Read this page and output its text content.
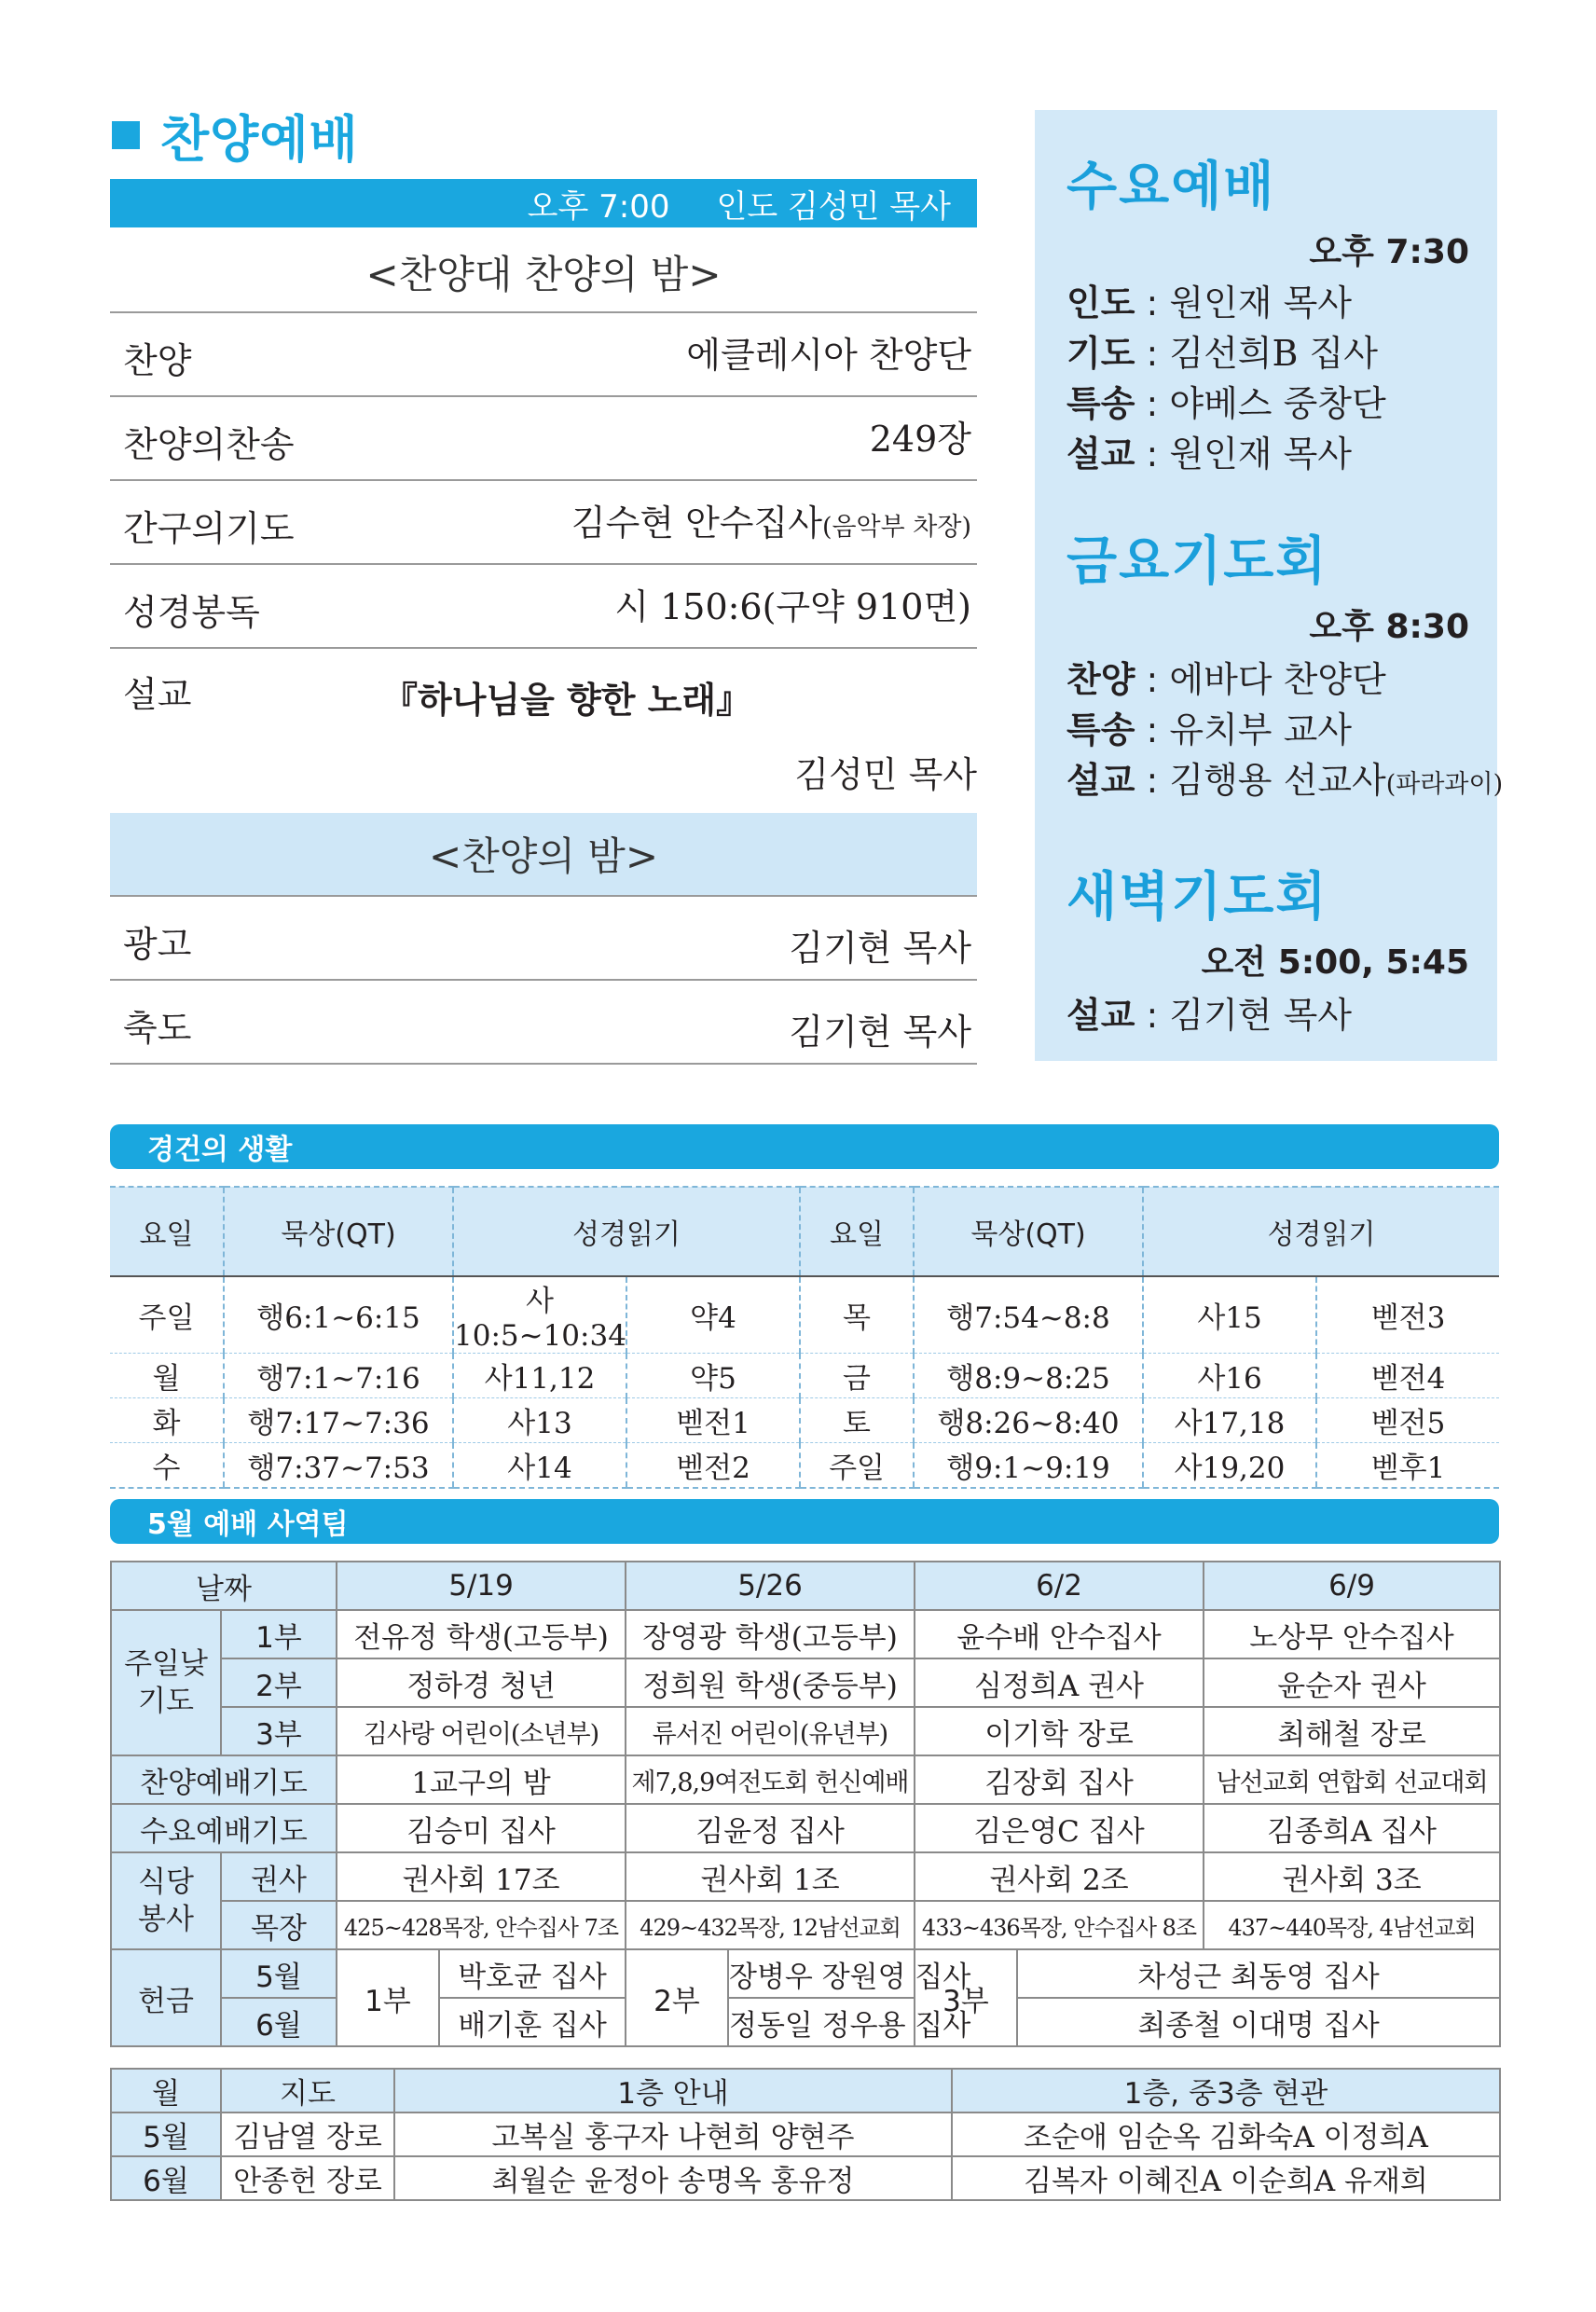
찬양예배
오후 7:00 인도 김성민 목사
<찬양대 찬양의 밤>
찬양	에클레시아 찬양단
찬양의찬송	249장
간구의기도	김수현 안수집사(음악부 차장)
성경봉독	시 150:6(구약 910면)
설교	『하나님을 향한 노래』
김성민 목사
<찬양의 밤>
광고	김기현 목사
축도	김기현 목사
수요예배
오후 7:30
인도 : 원인재 목사
기도 : 김선희B 집사
특송 : 야베스 중창단
설교 : 원인재 목사
금요기도회
오후 8:30
찬양 : 에바다 찬양단
특송 : 유치부 교사
설교 : 김행용 선교사(파라과이)
새벽기도회
오전 5:00, 5:45
설교 : 김기현 목사
경건의 생활
요일	묵상(QT)	성경읽기		요일	묵상(QT)	성경읽기	
주일	행6:1~6:15	사10:5~10:34	약4	목	행7:54~8:8	사15	벧전3
월	행7:1~7:16	사11,12	약5	금	행8:9~8:25	사16	벧전4
화	행7:17~7:36	사13	벧전1	토	행8:26~8:40	사17,18	벧전5
수	행7:37~7:53	사14	벧전2	주일	행9:1~9:19	사19,20	벧후1
5월 예배 사역팀
날짜		5/19		5/26		6/2		6/9
주일낮
기도	1부	전유정 학생(고등부)		장영광 학생(고등부)		윤수배 안수집사		노상무 안수집사
	2부	정하경 청년		정희원 학생(중등부)		심정희A 권사		윤순자 권사
	3부	김사랑 어린이(소년부)		류서진 어린이(유년부)		이기학 장로		최해철 장로
찬양예배기도		1교구의 밤		제7,8,9여전도회 헌신예배		김장회 집사		남선교회 연합회 선교대회
수요예배기도		김승미 집사		김윤정 집사		김은영C 집사		김종희A 집사
식당
봉사	권사	권사회 17조		권사회 1조		권사회 2조		권사회 3조
	목장	425~428목장, 안수집사 7조		429~432목장, 12남선교회		433~436목장, 안수집사 8조		437~440목장, 4남선교회
헌금	5월	1부	박호균 집사	2부	장병우 장원영 집사	3부	차성근 최동영 집사	
	6월		배기훈 집사		정동일 정우용 집사		최종철 이대명 집사	
월	지도	1층 안내	1층, 중3층 현관
5월	김남열 장로	고복실 홍구자 나현희 양현주	조순애 임순옥 김화숙A 이정희A
6월	안종헌 장로	최월순 윤정아 송명옥 홍유정	김복자 이혜진A 이순희A 유재희
